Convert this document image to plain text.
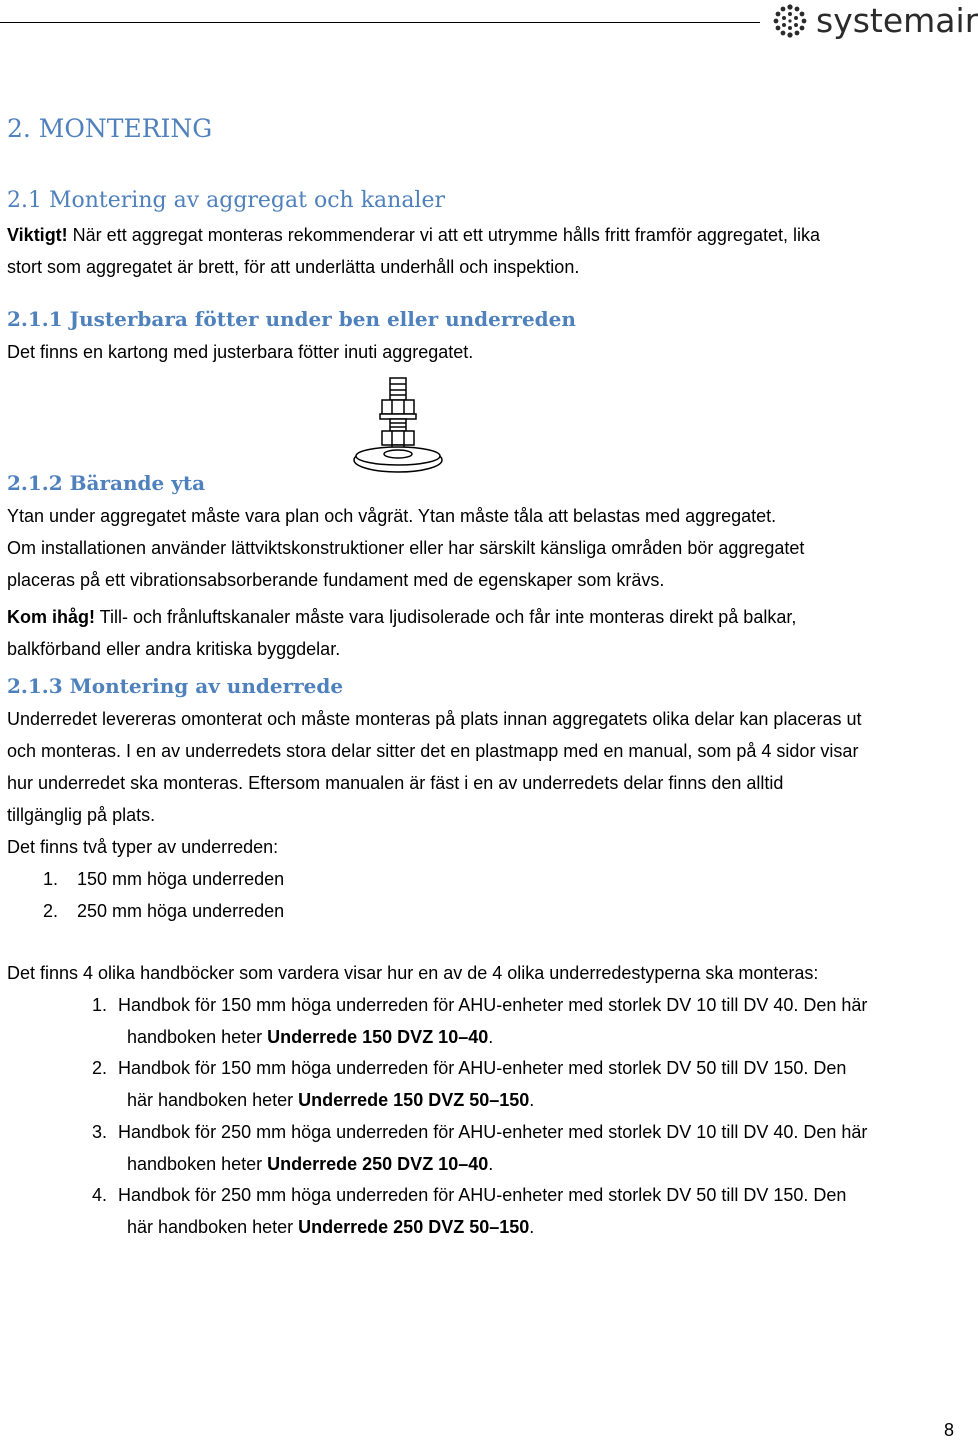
systemair
2. MONTERING
2.1 Montering av aggregat och kanaler
Viktigt! När ett aggregat monteras rekommenderar vi att ett utrymme hålls fritt framför aggregatet, lika
stort som aggregatet är brett, för att underlätta underhåll och inspektion.
2.1.1 Justerbara fötter under ben eller underreden
Det finns en kartong med justerbara fötter inuti aggregatet.
2.1.2 Bärande yta
Ytan under aggregatet måste vara plan och vågrät. Ytan måste tåla att belastas med aggregatet.
Om installationen använder lättviktskonstruktioner eller har särskilt känsliga områden bör aggregatet
placeras på ett vibrationsabsorberande fundament med de egenskaper som krävs.
Kom ihåg! Till- och frånluftskanaler måste vara ljudisolerade och får inte monteras direkt på balkar,
balkförband eller andra kritiska byggdelar.
2.1.3 Montering av underrede
Underredet levereras omonterat och måste monteras på plats innan aggregatets olika delar kan placeras ut
och monteras. I en av underredets stora delar sitter det en plastmapp med en manual, som på 4 sidor visar
hur underredet ska monteras. Eftersom manualen är fäst i en av underredets delar finns den alltid
tillgänglig på plats.
Det finns två typer av underreden:
1. 150 mm höga underreden
2. 250 mm höga underreden
Det finns 4 olika handböcker som vardera visar hur en av de 4 olika underredestyperna ska monteras:
1. Handbok för 150 mm höga underreden för AHU-enheter med storlek DV 10 till DV 40. Den här
handboken heter Underrede 150 DVZ 10–40.
2. Handbok för 150 mm höga underreden för AHU-enheter med storlek DV 50 till DV 150. Den
här handboken heter Underrede 150 DVZ 50–150.
3. Handbok för 250 mm höga underreden för AHU-enheter med storlek DV 10 till DV 40. Den här
handboken heter Underrede 250 DVZ 10–40.
4. Handbok för 250 mm höga underreden för AHU-enheter med storlek DV 50 till DV 150. Den
här handboken heter Underrede 250 DVZ 50–150.
8
